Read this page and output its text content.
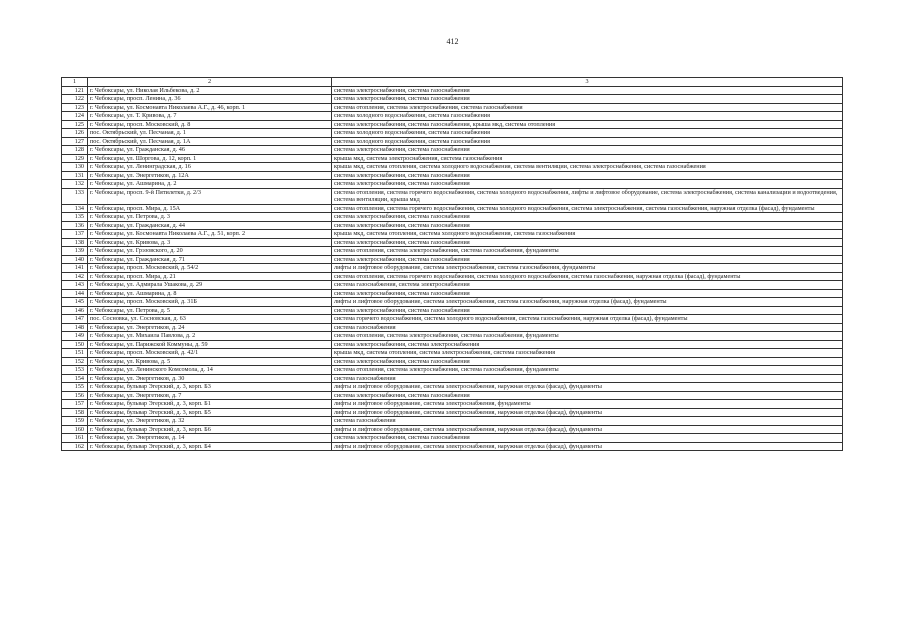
412
1	2	3
121	г. Чебоксары, ул. Николая Ильбекова, д. 2	система электроснабжения, система газоснабжения
122	г. Чебоксары, просп. Ленина, д. 36	система электроснабжения, система газоснабжения
123	г. Чебоксары, ул. Космонавта Николаева А.Г., д. 46, корп. 1	система отопления, система электроснабжения, система газоснабжения
124	г. Чебоксары, ул. Т. Кривова, д. 7	система холодного водоснабжения, система газоснабжения
125	г. Чебоксары, просп. Московский, д. 8	система электроснабжения, система газоснабжения, крыша мкд, система отопления
126	пос. Октябрьский, ул. Песчаная, д. 1	система холодного водоснабжения, система газоснабжения
127	пос. Октябрьский, ул. Песчаная, д. 1А	система холодного водоснабжения, система газоснабжения
128	г. Чебоксары, ул. Гражданская, д. 46	система электроснабжения, система газоснабжения
129	г. Чебоксары, ул. Шоргова, д. 12, корп. 1	крыша мкд, система электроснабжения, система газоснабжения
130	г. Чебоксары, ул. Ленинградская, д. 16	крыша мкд, система отопления, система холодного водоснабжения, система вентиляции, система электроснабжения, система газоснабжения
131	г. Чебоксары, ул. Энергетиков, д. 12А	система электроснабжения, система газоснабжения
132	г. Чебоксары, ул. Ашмарина, д. 2	система электроснабжения, система газоснабжения
133	г. Чебоксары, просп. 9-й Пятилетки, д. 2/3	система отопления, система горячего водоснабжения, система холодного водоснабжения, лифты и лифтовое оборудование, система электроснабжения, система канализации и водоотведения, система вентиляции, крыша мкд
134	г. Чебоксары, просп. Мира, д. 15А	система отопления, система горячего водоснабжения, система холодного водоснабжения, система электроснабжения, система газоснабжения, наружная отделка (фасад), фундаменты
135	г. Чебоксары, ул. Петрова, д. 3	система электроснабжения, система газоснабжения
136	г. Чебоксары, ул. Гражданская, д. 44	система электроснабжения, система газоснабжения
137	г. Чебоксары, ул. Космонавта Николаева А.Г., д. 51, корп. 2	крыша мкд, система отопления, система холодного водоснабжения, система газоснабжения
138	г. Чебоксары, ул. Кривова, д. 3	система электроснабжения, система газоснабжения
139	г. Чебоксары, ул. Грэзовского, д. 20	система отопления, система электроснабжения, система газоснабжения, фундаменты
140	г. Чебоксары, ул. Гражданская, д. 71	система электроснабжения, система газоснабжения
141	г. Чебоксары, просп. Московский, д. 54/2	лифты и лифтовое оборудование, система электроснабжения, система газоснабжения, фундаменты
142	г. Чебоксары, просп. Мира, д. 21	система отопления, система горячего водоснабжения, система холодного водоснабжения, система газоснабжения, наружная отделка (фасад), фундаменты
143	г. Чебоксары, ул. Адмирала Ушакова, д. 29	система газоснабжения, система электроснабжения
144	г. Чебоксары, ул. Ашмарина, д. 8	система электроснабжения, система газоснабжения
145	г. Чебоксары, просп. Московский, д. 31Б	лифты и лифтовое оборудование, система электроснабжения, система газоснабжения, наружная отделка (фасад), фундаменты
146	г. Чебоксары, ул. Петрова, д. 5	система электроснабжения, система газоснабжения
147	пос. Сосновка, ул. Сосновская, д. 63	система горячего водоснабжения, система холодного водоснабжения, система газоснабжения, наружная отделка (фасад), фундаменты
148	г. Чебоксары, ул. Энергетиков, д. 24	система газоснабжения
149	г. Чебоксары, ул. Михаила Павлова, д. 2	система отопления, система электроснабжения, система газоснабжения, фундаменты
150	г. Чебоксары, ул. Парижской Коммуны, д. 59	система электроснабжения, система электроснабжения
151	г. Чебоксары, просп. Московский, д. 42/1	крыша мкд, система отопления, система электроснабжения, система газоснабжения
152	г. Чебоксары, ул. Кривова, д. 5	система электроснабжения, система газоснабжения
153	г. Чебоксары, ул. Ленинского Комсомола, д. 14	система отопления, система электроснабжения, система газоснабжения, фундаменты
154	г. Чебоксары, ул. Энергетиков, д. 30	система газоснабжения
155	г. Чебоксары, бульвар Эгерский, д. 3, корп. Б3	лифты и лифтовое оборудование, система электроснабжения, наружная отделка (фасад), фундаменты
156	г. Чебоксары, ул. Энергетиков, д. 7	система электроснабжения, система газоснабжения
157	г. Чебоксары, бульвар Эгерский, д. 3, корп. Б1	лифты и лифтовое оборудование, система электроснабжения, фундаменты
158	г. Чебоксары, бульвар Эгерский, д. 3, корп. Б5	лифты и лифтовое оборудование, система электроснабжения, наружная отделка (фасад), фундаменты
159	г. Чебоксары, ул. Энергетиков, д. 32	система газоснабжения
160	г. Чебоксары, бульвар Эгерский, д. 3, корп. Б6	лифты и лифтовое оборудование, система электроснабжения, наружная отделка (фасад), фундаменты
161	г. Чебоксары, ул. Энергетиков, д. 14	система электроснабжения, система газоснабжения
162	г. Чебоксары, бульвар Эгерский, д. 3, корп. Б4	лифты и лифтовое оборудование, система электроснабжения, наружная отделка (фасад), фундаменты
